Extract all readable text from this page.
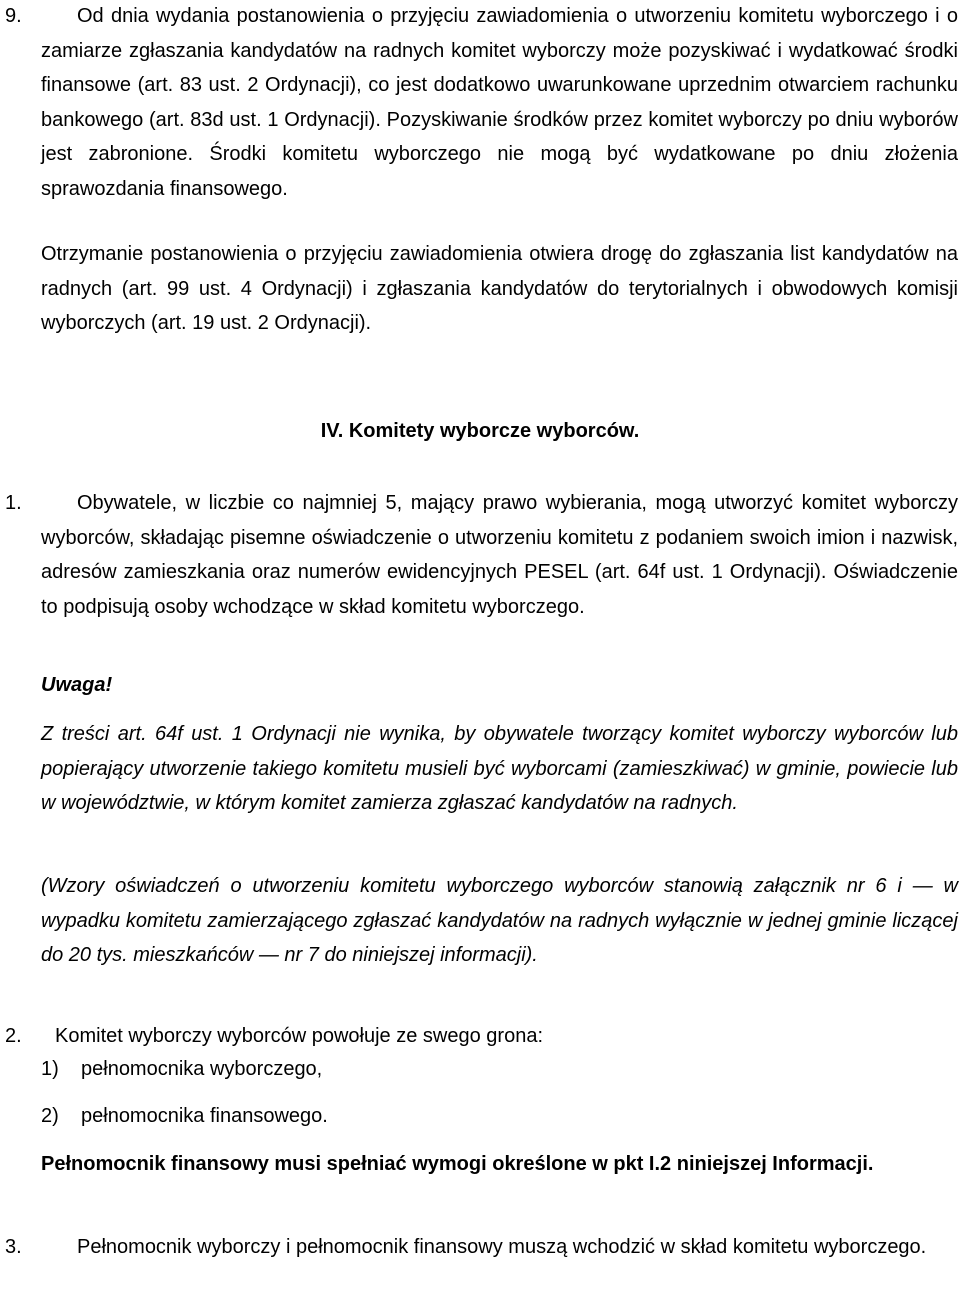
9.	Od dnia wydania postanowienia o przyjęciu zawiadomienia o utworzeniu komitetu wyborczego i o zamiarze zgłaszania kandydatów na radnych komitet wyborczy może pozyskiwać i wydatkować środki finansowe (art. 83 ust. 2 Ordynacji), co jest dodatkowo uwarunkowane uprzednim otwarciem rachunku bankowego (art. 83d ust. 1 Ordynacji). Pozyskiwanie środków przez komitet wyborczy po dniu wyborów jest zabronione. Środki komitetu wyborczego nie mogą być wydatkowane po dniu złożenia sprawozdania finansowego.

Otrzymanie postanowienia o przyjęciu zawiadomienia otwiera drogę do zgłaszania list kandydatów na radnych (art. 99 ust. 4 Ordynacji) i zgłaszania kandydatów do terytorialnych i obwodowych komisji wyborczych (art. 19 ust. 2 Ordynacji).

IV. Komitety wyborcze wyborców.
1.	Obywatele, w liczbie co najmniej 5, mający prawo wybierania, mogą utworzyć komitet wyborczy wyborców, składając pisemne oświadczenie o utworzeniu komitetu z podaniem swoich imion i nazwisk, adresów zamieszkania oraz numerów ewidencyjnych PESEL (art. 64f ust. 1 Ordynacji). Oświadczenie to podpisują osoby wchodzące w skład komitetu wyborczego.

Uwaga!

Z treści art. 64f ust. 1 Ordynacji nie wynika, by obywatele tworzący komitet wyborczy wyborców lub popierający utworzenie takiego komitetu musieli być wyborcami (zamieszkiwać) w gminie, powiecie lub w województwie, w którym komitet zamierza zgłaszać kandydatów na radnych.

(Wzory oświadczeń o utworzeniu komitetu wyborczego wyborców stanowią załącznik nr 6 i — w wypadku komitetu zamierzającego zgłaszać kandydatów na radnych wyłącznie w jednej gminie liczącej do 20 tys. mieszkańców — nr 7 do niniejszej informacji).

2. Komitet wyborczy wyborców powołuje ze swego grona:

1) pełnomocnika wyborczego,
2) pełnomocnika finansowego.

Pełnomocnik finansowy musi spełniać wymogi określone w pkt I.2 niniejszej Informacji.

3.	Pełnomocnik wyborczy i pełnomocnik finansowy muszą wchodzić w skład komitetu wyborczego.
